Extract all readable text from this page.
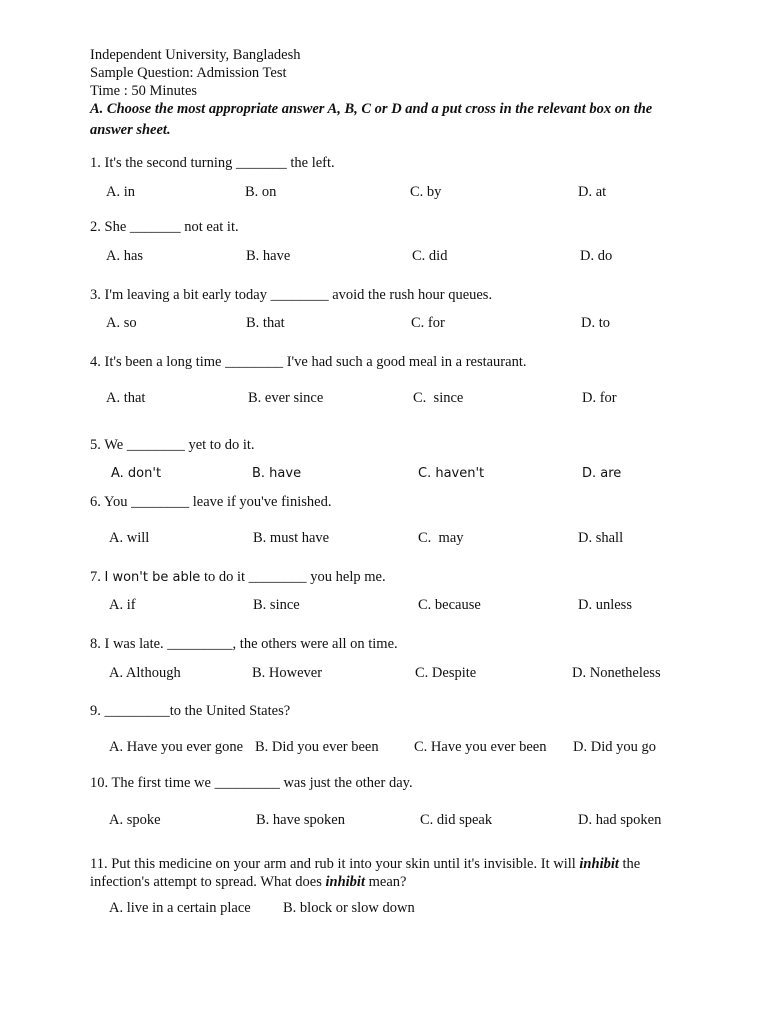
Independent University, Bangladesh
Sample Question: Admission Test
Time : 50 Minutes
A. Choose the most appropriate answer A, B, C or D and a put cross in the relevant box on the
answer sheet.
1. It's the second turning _______ the left.
A. in	B. on	C. by	D. at
2. She _______ not eat it.
A. has	B. have	C. did	D. do
3. I'm leaving a bit early today ________ avoid the rush hour queues.
A. so	B. that	C. for	D. to
4. It's been a long time ________ I've had such a good meal in a restaurant.
A. that	B. ever since	C.  since	D. for
5. We ________ yet to do it.
A. don't	B. have	C. haven't	D. are
6. You ________ leave if you've finished.
A. will	B. must have	C.  may	D. shall
7. I won't be able to do it ________ you help me.
A. if	B. since	C. because	D. unless
8. I was late. _________, the others were all on time.
A. Although	B. However	C. Despite	D. Nonetheless
9. _________to the United States?
A. Have you ever gone B. Did you ever been C. Have you ever been D. Did you go
10. The first time we _________ was just the other day.
A. spoke	B. have spoken	C. did speak	D. had spoken
11. Put this medicine on your arm and rub it into your skin until it's invisible. It will inhibit the infection's attempt to spread. What does inhibit mean?
A. live in a certain place B. block or slow down
